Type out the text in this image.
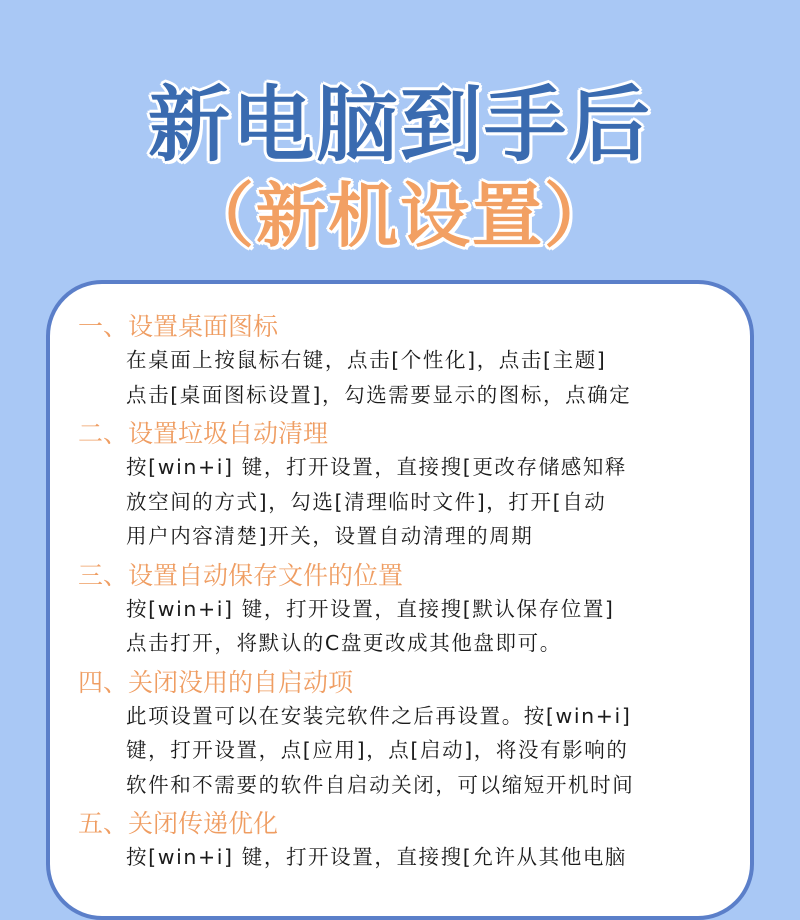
新电脑到手后
（新机设置）
一、设置桌面图标
在桌面上按鼠标右键，点击[个性化]，点击[主题]
点击[桌面图标设置]，勾选需要显示的图标，点确定
二、设置垃圾自动清理
按[win+i] 键，打开设置，直接搜[更改存储感知释
放空间的方式]，勾选[清理临时文件]，打开[自动
用户内容清楚]开关，设置自动清理的周期
三、设置自动保存文件的位置
按[win+i] 键，打开设置，直接搜[默认保存位置]
点击打开，将默认的C盘更改成其他盘即可。
四、关闭没用的自启动项
此项设置可以在安装完软件之后再设置。按[win+i]
键，打开设置，点[应用]，点[启动]，将没有影响的
软件和不需要的软件自启动关闭，可以缩短开机时间
五、关闭传递优化
按[win+i] 键，打开设置，直接搜[允许从其他电脑
